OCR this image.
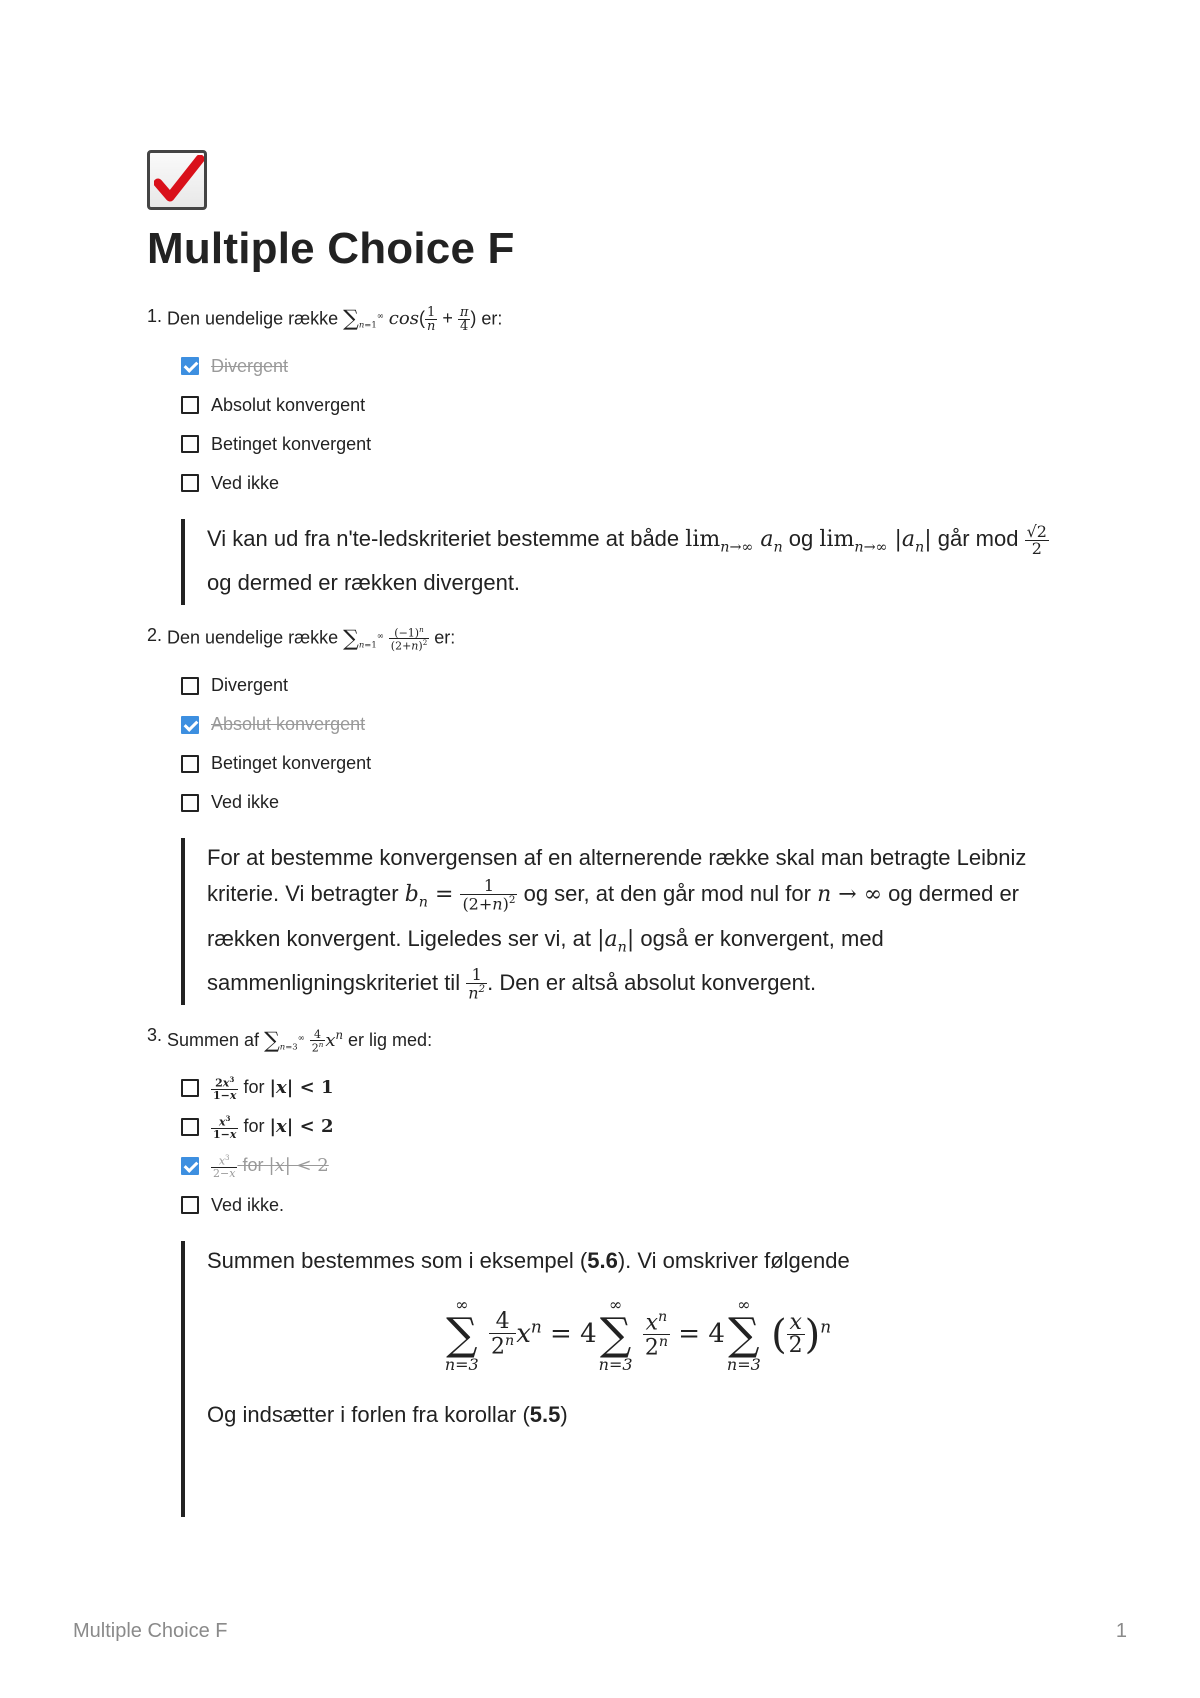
Multiple Choice F
1. Den uendelige række $\sum_{n=1}^\infty$ $\cos( \frac{1}{n} + \frac{\pi}{4}$ ) er:
Divergent
Absolut konvergent
Betinget konvergent
Ved ikke
Vi kan ud fra n'te-ledskriteriet bestemme at både $\lim_{n\to\infty} a_n$ og $\lim_{n\to\infty} |a_n|$ går mod $\frac{√2}{2}$
og dermed er rækken divergent.
2. Den uendelige række $\sum_{n=1}^\infty \frac{(-1)^n}{(2+n)^2}$ er:
Divergent
Absolut konvergent
Betinget konvergent
Ved ikke
For at bestemme konvergensen af en alternerende række skal man betragte Leibniz kriterie. Vi betragter $b_n = \frac{1}{(2+n)^2}$ og ser, at den går mod nul for n → ∞ og dermed er rækken konvergent. Ligeledes ser vi, at $|a_n|$ også er konvergent, med sammenligningskriteriet til $\frac{1}{n^2}$ . Den er altså absolut konvergent.
3. Summen af $\sum_{n=3}^\infty \frac{4}{2^n} x^n$ er lig med:
$\frac{2x^3}{1-x}$ for |x| < 1
$\frac{x^3}{1-x}$ for |x| < 2
$\frac{x^3}{2-x}$ for |x| < 2
Ved ikke.
Summen bestemmes som i eksempel (5.6). Vi omskriver følgende
∞
∑
n=3

$\frac{4}{2^n} x^n = 4$
∞
∑
n=3

$\frac{x^n}{2^n} = 4$
∞
∑
n=3
( $\frac{x}{2} )^n$
Og indsætter i forlen fra korollar (5.5)
Multiple Choice F	1
